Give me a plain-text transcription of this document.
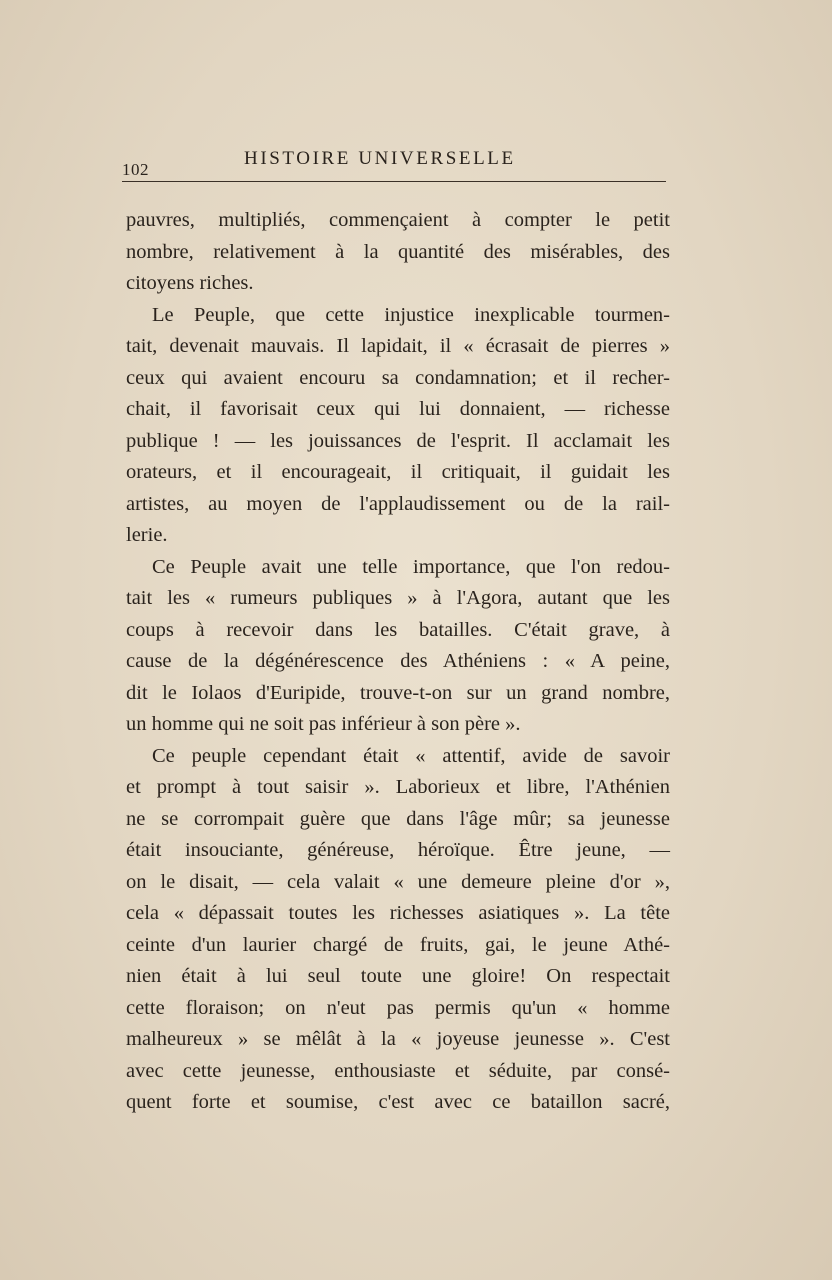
102
HISTOIRE UNIVERSELLE
pauvres, multipliés, commençaient à compter le petit
nombre, relativement à la quantité des misérables, des
citoyens riches.
Le Peuple, que cette injustice inexplicable tourmen-
tait, devenait mauvais. Il lapidait, il « écrasait de pierres »
ceux qui avaient encouru sa condamnation; et il recher-
chait, il favorisait ceux qui lui donnaient, — richesse
publique ! — les jouissances de l'esprit. Il acclamait les
orateurs, et il encourageait, il critiquait, il guidait les
artistes, au moyen de l'applaudissement ou de la rail-
lerie.
Ce Peuple avait une telle importance, que l'on redou-
tait les « rumeurs publiques » à l'Agora, autant que les
coups à recevoir dans les batailles. C'était grave, à
cause de la dégénérescence des Athéniens : « A peine,
dit le Iolaos d'Euripide, trouve-t-on sur un grand nombre,
un homme qui ne soit pas inférieur à son père ».
Ce peuple cependant était « attentif, avide de savoir
et prompt à tout saisir ». Laborieux et libre, l'Athénien
ne se corrompait guère que dans l'âge mûr; sa jeunesse
était insouciante, généreuse, héroïque. Être jeune, —
on le disait, — cela valait « une demeure pleine d'or »,
cela « dépassait toutes les richesses asiatiques ». La tête
ceinte d'un laurier chargé de fruits, gai, le jeune Athé-
nien était à lui seul toute une gloire! On respectait
cette floraison; on n'eut pas permis qu'un « homme
malheureux » se mêlât à la « joyeuse jeunesse ». C'est
avec cette jeunesse, enthousiaste et séduite, par consé-
quent forte et soumise, c'est avec ce bataillon sacré,
